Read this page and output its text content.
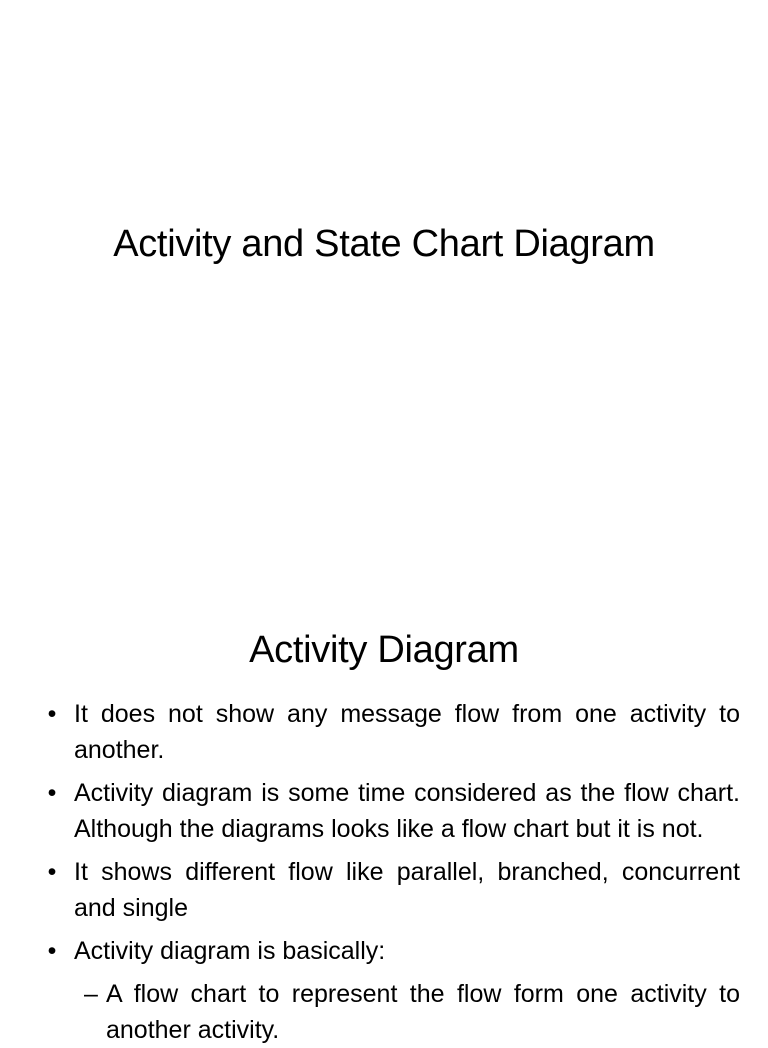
Activity and State Chart Diagram
Activity Diagram
• It does not show any message flow from one activity to another.
• Activity diagram is some time considered as the flow chart. Although the diagrams looks like a flow chart but it is not.
• It shows different flow like parallel, branched, concurrent and single
• Activity diagram is basically:
– A flow chart to represent the flow form one activity to another activity.
